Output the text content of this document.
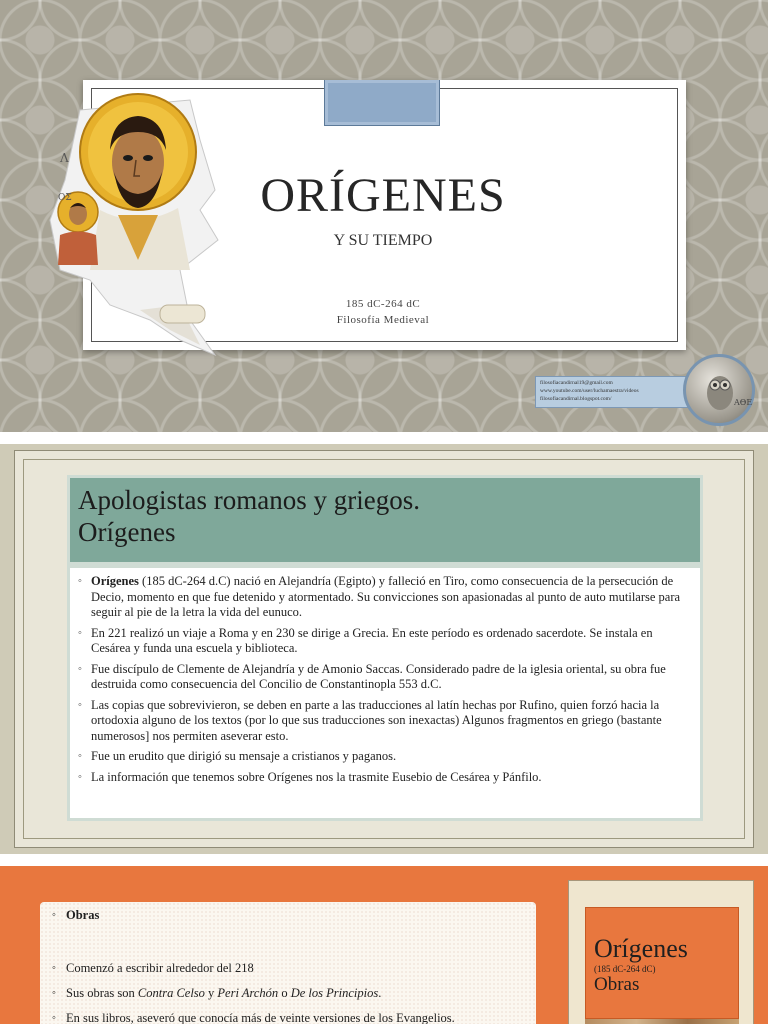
ORÍGENES
Y SU TIEMPO
185 dC-264 dC
Filosofía Medieval
Λ
ΟΣ
filosofiacandirnal19@gmail.com
www.youtube.com/user/luchamaestra/videos
filosofiacandirnal.blogspot.com/	ΑΘΕ
Apologistas romanos y griegos.
Orígenes
◦ Orígenes (185 dC-264 d.C) nació en Alejandría (Egipto) y falleció en Tiro, como consecuencia de la persecución de Decio, momento en que fue detenido y atormentado. Su convicciones son apasionadas al punto de auto mutilarse para seguir al pie de la letra la vida del eunuco.
◦ En 221 realizó un viaje a Roma y en 230 se dirige a Grecia. En este período es ordenado sacerdote. Se instala en Cesárea y funda una escuela y biblioteca.
◦ Fue discípulo de Clemente de Alejandría y de Amonio Saccas. Considerado padre de la iglesia oriental, su obra fue destruida como consecuencia del Concilio de Constantinopla 553 d.C.
◦ Las copias que sobrevivieron, se deben en parte a las traducciones al latín hechas por Rufino, quien forzó hacia la ortodoxia alguno de los textos (por lo que sus traducciones son inexactas) Algunos fragmentos en griego (bastante numerosos] nos permiten aseverar esto.
◦ Fue un erudito que dirigió su mensaje a cristianos y paganos.
◦ La información que tenemos sobre Orígenes nos la trasmite Eusebio de Cesárea y Pánfilo.
◦ Obras
◦ Comenzó a escribir alrededor del 218
◦ Sus obras son Contra Celso y Peri Archón o De los Principios.
◦ En sus libros, aseveró que conocía más de veinte versiones de los Evangelios.
Orígenes
(185 dC-264 dC)
Obras
